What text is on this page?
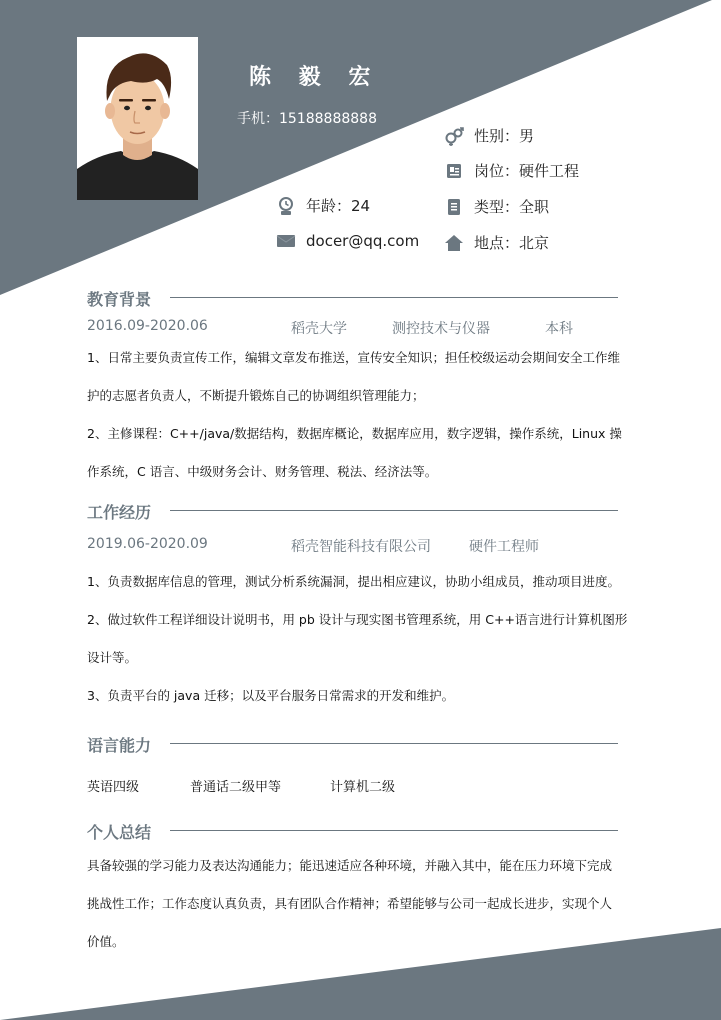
陈 毅 宏
手机：15188888888
性别：男
岗位：硬件工程
年龄：24	类型：全职
docer@qq.com	地点：北京
教育背景
2016.09-2020.06	稻壳大学	测控技术与仪器	本科

1、日常主要负责宣传工作，编辑文章发布推送，宣传安全知识；担任校级运动会期间安全工作维

护的志愿者负责人，不断提升锻炼自己的协调组织管理能力；

2、主修课程：C++/java/数据结构，数据库概论，数据库应用，数字逻辑，操作系统，Linux 操

作系统，C 语言、中级财务会计、财务管理、税法、经济法等。

工作经历
2019.06-2020.09	稻壳智能科技有限公司	硬件工程师

1、负责数据库信息的管理，测试分析系统漏洞，提出相应建议，协助小组成员，推动项目进度。

2、做过软件工程详细设计说明书，用 pb 设计与现实图书管理系统，用 C++语言进行计算机图形

设计等。

3、负责平台的 java 迁移；以及平台服务日常需求的开发和维护。

语言能力
英语四级	普通话二级甲等	计算机二级
个人总结

具备较强的学习能力及表达沟通能力；能迅速适应各种环境，并融入其中，能在压力环境下完成

挑战性工作；工作态度认真负责，具有团队合作精神；希望能够与公司一起成长进步，实现个人

价值。
